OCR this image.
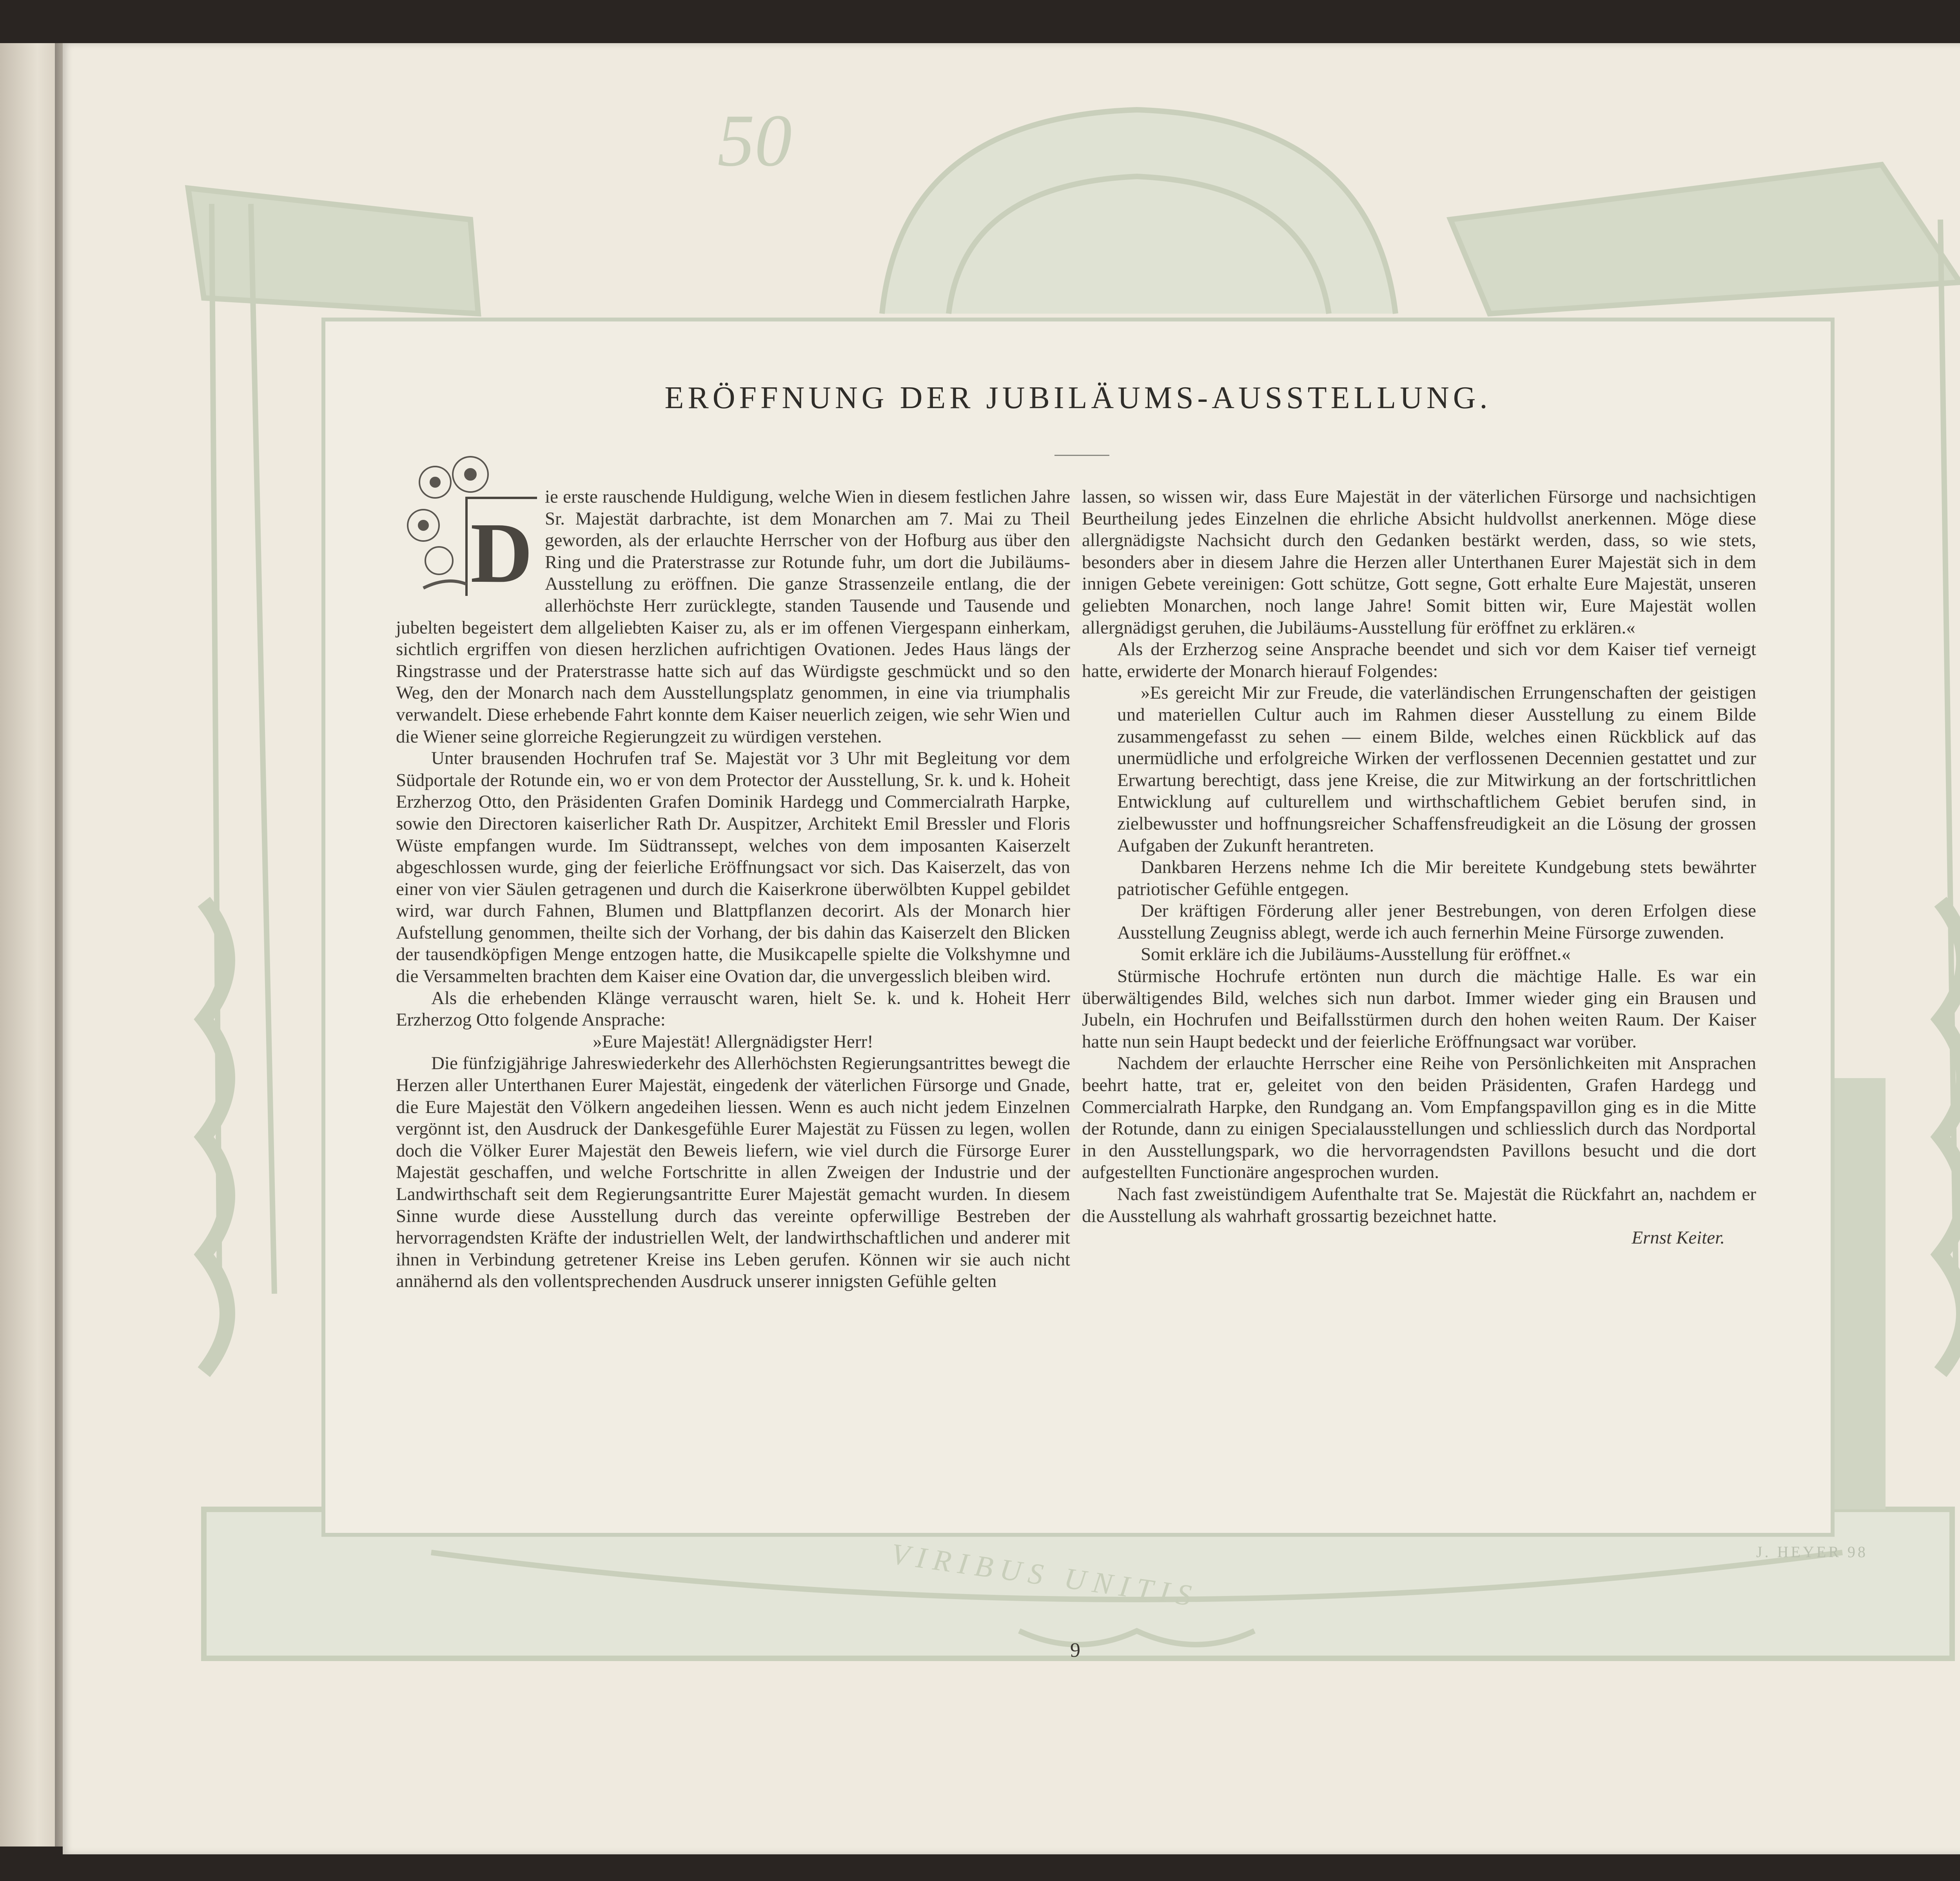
50
VIRIBUS UNITIS	J. HEYER 98
ERÖFFNUNG DER JUBILÄUMS-AUSSTELLUNG.
D

ie erste rauschende Huldigung, welche Wien in diesem festlichen Jahre Sr. Majestät darbrachte, ist dem Monarchen am 7. Mai zu Theil geworden, als der erlauchte Herrscher von der Hofburg aus über den Ring und die Praterstrasse zur Rotunde fuhr, um dort die Jubiläums-Ausstellung zu eröffnen. Die ganze Strassenzeile entlang, die der allerhöchste Herr zurücklegte, standen Tausende und Tausende und jubelten begeistert dem allgeliebten Kaiser zu, als er im offenen Viergespann einherkam, sichtlich ergriffen von diesen herzlichen aufrichtigen Ovationen. Jedes Haus längs der Ringstrasse und der Praterstrasse hatte sich auf das Würdigste geschmückt und so den Weg, den der Monarch nach dem Ausstellungsplatz genommen, in eine via triumphalis verwandelt. Diese erhebende Fahrt konnte dem Kaiser neuerlich zeigen, wie sehr Wien und die Wiener seine glorreiche Regierungzeit zu würdigen verstehen.

Unter brausenden Hochrufen traf Se. Majestät vor 3 Uhr mit Begleitung vor dem Südportale der Rotunde ein, wo er von dem Protector der Ausstellung, Sr. k. und k. Hoheit Erzherzog Otto, den Präsidenten Grafen Dominik Hardegg und Commercialrath Harpke, sowie den Directoren kaiserlicher Rath Dr. Auspitzer, Architekt Emil Bressler und Floris Wüste empfangen wurde. Im Südtranssept, welches von dem imposanten Kaiserzelt abgeschlossen wurde, ging der feierliche Eröffnungsact vor sich. Das Kaiserzelt, das von einer von vier Säulen getragenen und durch die Kaiserkrone überwölbten Kuppel gebildet wird, war durch Fahnen, Blumen und Blattpflanzen decorirt. Als der Monarch hier Aufstellung genommen, theilte sich der Vorhang, der bis dahin das Kaiserzelt den Blicken der tausendköpfigen Menge entzogen hatte, die Musikcapelle spielte die Volkshymne und die Versammelten brachten dem Kaiser eine Ovation dar, die unvergesslich bleiben wird.

Als die erhebenden Klänge verrauscht waren, hielt Se. k. und k. Hoheit Herr Erzherzog Otto folgende Ansprache:

»Eure Majestät! Allergnädigster Herr!

Die fünfzigjährige Jahreswiederkehr des Allerhöchsten Regierungsantrittes bewegt die Herzen aller Unterthanen Eurer Majestät, eingedenk der väterlichen Fürsorge und Gnade, die Eure Majestät den Völkern angedeihen liessen. Wenn es auch nicht jedem Einzelnen vergönnt ist, den Ausdruck der Dankesgefühle Eurer Majestät zu Füssen zu legen, wollen doch die Völker Eurer Majestät den Beweis liefern, wie viel durch die Fürsorge Eurer Majestät geschaffen, und welche Fortschritte in allen Zweigen der Industrie und der Landwirthschaft seit dem Regierungsantritte Eurer Majestät gemacht wurden. In diesem Sinne wurde diese Ausstellung durch das vereinte opferwillige Bestreben der hervorragendsten Kräfte der industriellen Welt, der landwirthschaftlichen und anderer mit ihnen in Verbindung getretener Kreise ins Leben gerufen. Können wir sie auch nicht annähernd als den vollentsprechenden Ausdruck unserer innigsten Gefühle gelten

lassen, so wissen wir, dass Eure Majestät in der väterlichen Fürsorge und nachsichtigen Beurtheilung jedes Einzelnen die ehrliche Absicht huldvollst anerkennen. Möge diese allergnädigste Nachsicht durch den Gedanken bestärkt werden, dass, so wie stets, besonders aber in diesem Jahre die Herzen aller Unterthanen Eurer Majestät sich in dem innigen Gebete vereinigen: Gott schütze, Gott segne, Gott erhalte Eure Majestät, unseren geliebten Monarchen, noch lange Jahre! Somit bitten wir, Eure Majestät wollen allergnädigst geruhen, die Jubiläums-Ausstellung für eröffnet zu erklären.«

Als der Erzherzog seine Ansprache beendet und sich vor dem Kaiser tief verneigt hatte, erwiderte der Monarch hierauf Folgendes:

»Es gereicht Mir zur Freude, die vaterländischen Errungenschaften der geistigen und materiellen Cultur auch im Rahmen dieser Ausstellung zu einem Bilde zusammengefasst zu sehen — einem Bilde, welches einen Rückblick auf das unermüdliche und erfolgreiche Wirken der verflossenen Decennien gestattet und zur Erwartung berechtigt, dass jene Kreise, die zur Mitwirkung an der fortschrittlichen Entwicklung auf culturellem und wirthschaftlichem Gebiet berufen sind, in zielbewusster und hoffnungsreicher Schaffensfreudigkeit an die Lösung der grossen Aufgaben der Zukunft herantreten.

Dankbaren Herzens nehme Ich die Mir bereitete Kundgebung stets bewährter patriotischer Gefühle entgegen.

Der kräftigen Förderung aller jener Bestrebungen, von deren Erfolgen diese Ausstellung Zeugniss ablegt, werde ich auch fernerhin Meine Fürsorge zuwenden.

Somit erkläre ich die Jubiläums-Ausstellung für eröffnet.«

Stürmische Hochrufe ertönten nun durch die mächtige Halle. Es war ein überwältigendes Bild, welches sich nun darbot. Immer wieder ging ein Brausen und Jubeln, ein Hochrufen und Beifallsstürmen durch den hohen weiten Raum. Der Kaiser hatte nun sein Haupt bedeckt und der feierliche Eröffnungsact war vorüber.

Nachdem der erlauchte Herrscher eine Reihe von Persönlichkeiten mit Ansprachen beehrt hatte, trat er, geleitet von den beiden Präsidenten, Grafen Hardegg und Commercialrath Harpke, den Rundgang an. Vom Empfangspavillon ging es in die Mitte der Rotunde, dann zu einigen Specialausstellungen und schliesslich durch das Nordportal in den Ausstellungspark, wo die hervorragendsten Pavillons besucht und die dort aufgestellten Functionäre angesprochen wurden.

Nach fast zweistündigem Aufenthalte trat Se. Majestät die Rückfahrt an, nachdem er die Ausstellung als wahrhaft grossartig bezeichnet hatte.

Ernst Keiter.
9
